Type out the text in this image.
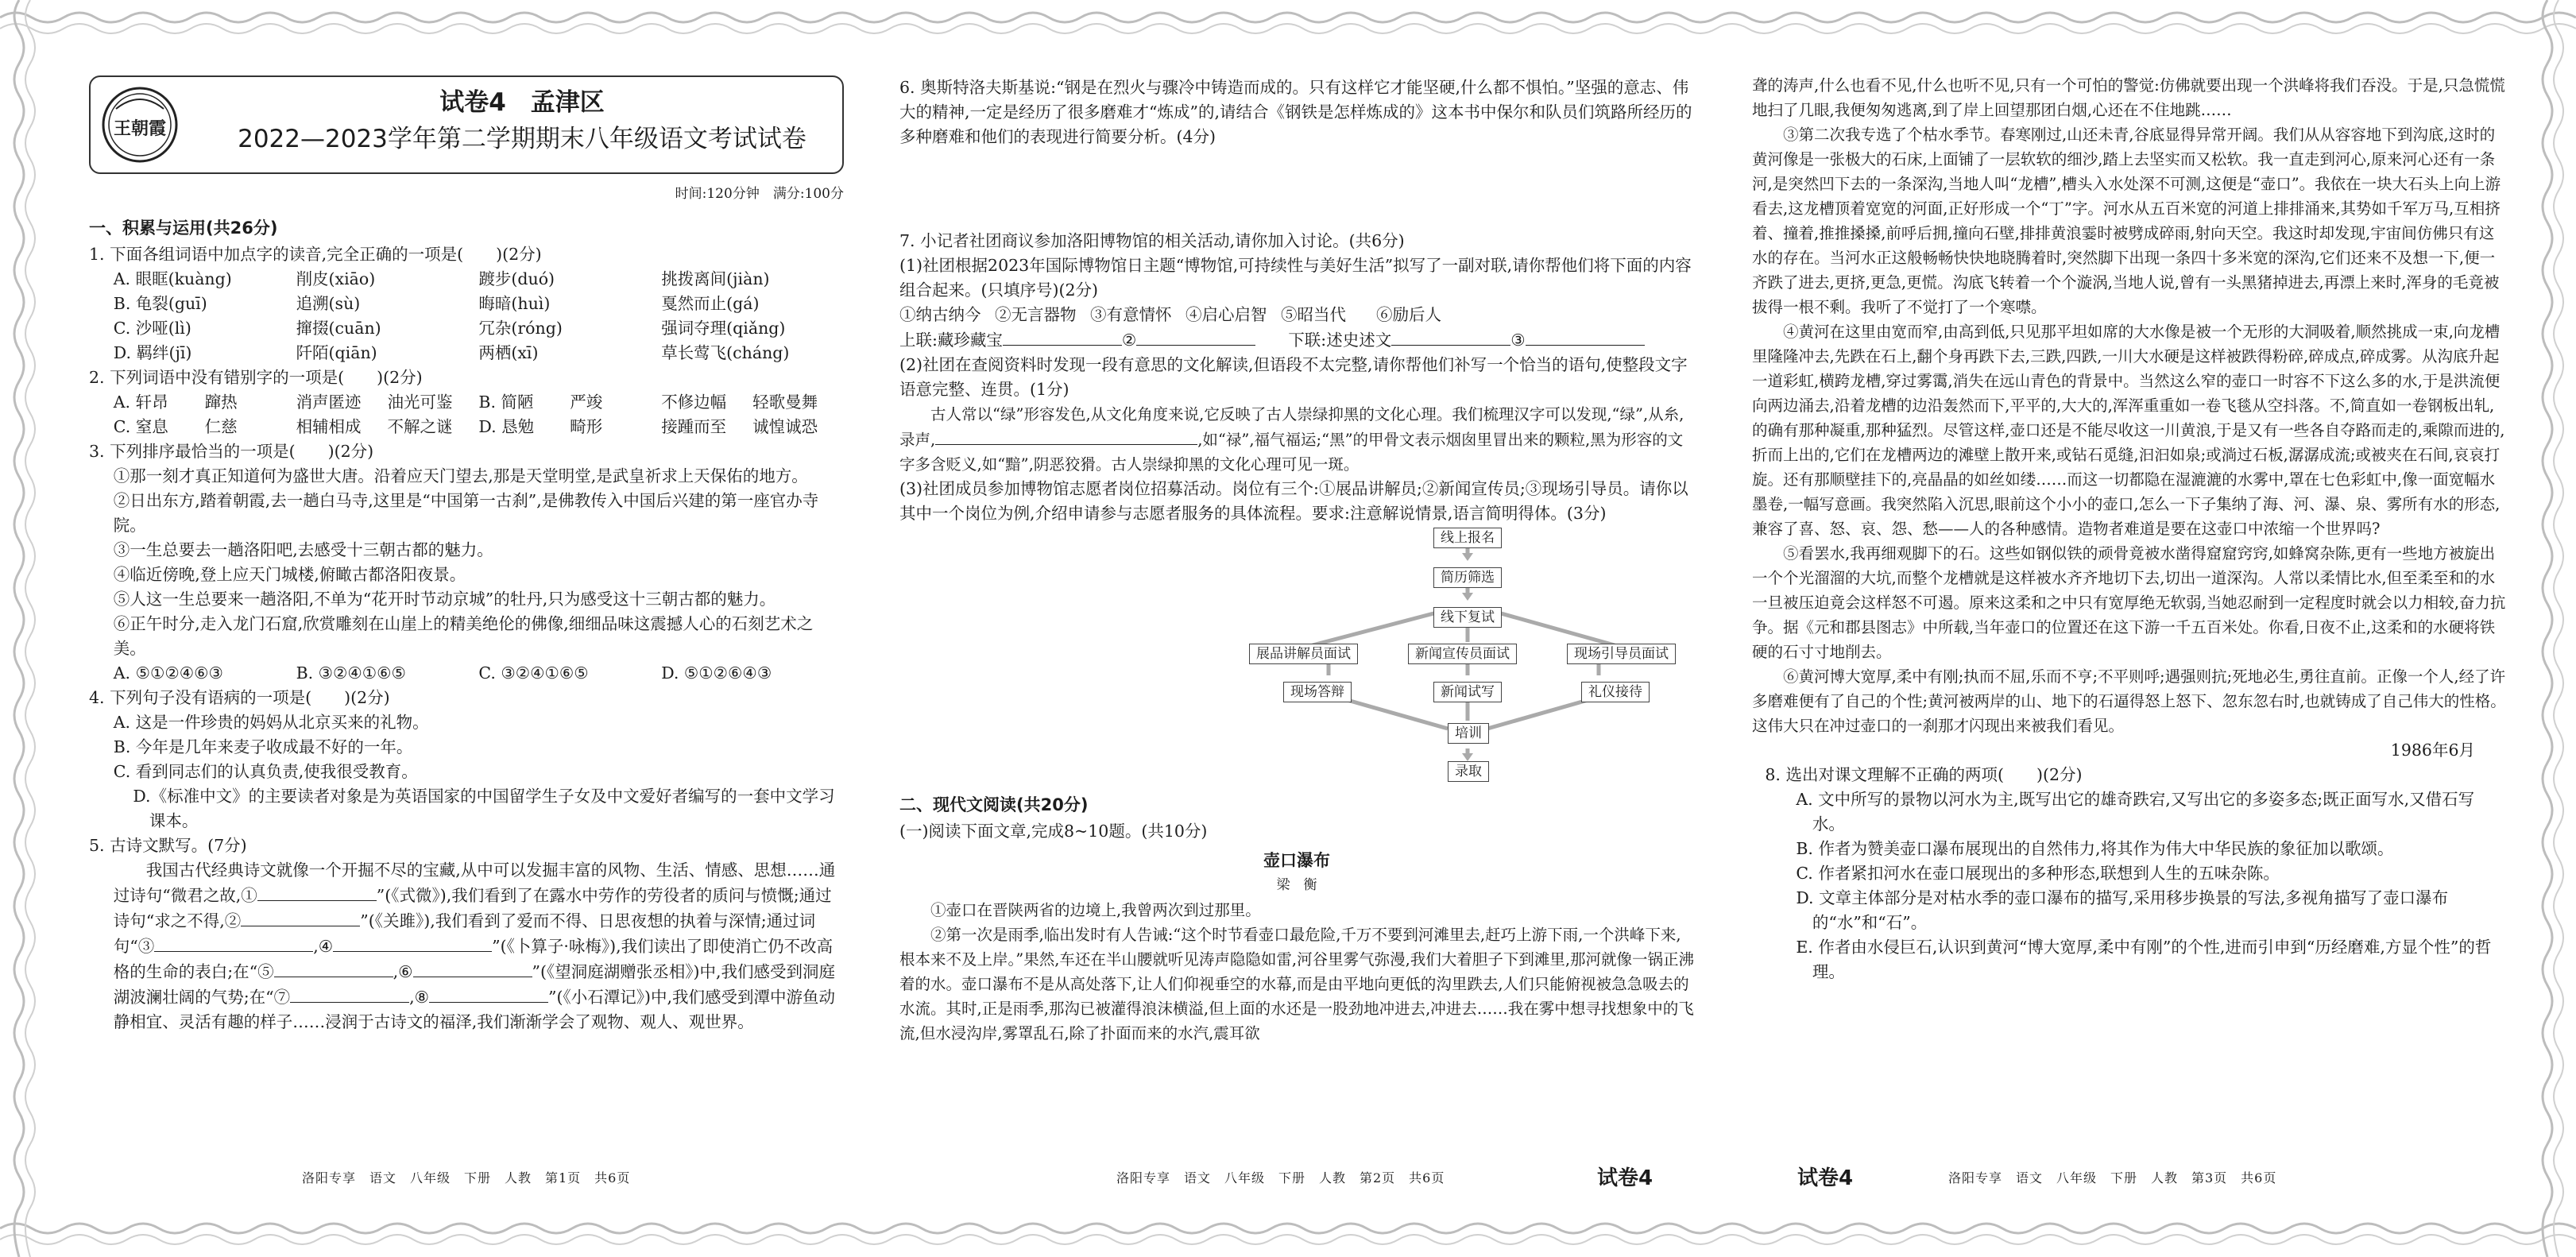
王朝霞
试卷4　 孟津区
2022—2023学年第二学期期末八年级语文考试试卷
时间:120分钟　满分:100分
一、积累与运用(共26分)

1. 下面各组词语中加点字的读音,完全正确的一项是(　　)(2分)

A. 眼眶(kuàng)	削皮(xiāo)	踱步(duó)	挑拨离间(jiàn)
B. 龟裂(guī)	追溯(sù)	晦暗(huì)	戛然而止(gá)
C. 沙哑(lì)	撺掇(cuān)	冗杂(róng)	强词夺理(qiǎng)
D. 羁绊(jī)	阡陌(qiān)	两栖(xī)	草长莺飞(cháng)

2. 下列词语中没有错别字的一项是(　　)(2分)

A. 轩昂	蹿热	消声匿迹	油光可鉴	B. 简陋	严竣	不修边幅	轻歌曼舞
C. 窒息	仁慈	相辅相成	不解之谜	D. 恳勉	畸形	接踵而至	诚惶诚恐

3. 下列排序最恰当的一项是(　　)(2分)

①那一刻才真正知道何为盛世大唐。沿着应天门望去,那是天堂明堂,是武皇祈求上天保佑的地方。

②日出东方,踏着朝霞,去一趟白马寺,这里是“中国第一古刹”,是佛教传入中国后兴建的第一座官办寺院。

③一生总要去一趟洛阳吧,去感受十三朝古都的魅力。

④临近傍晚,登上应天门城楼,俯瞰古都洛阳夜景。

⑤人这一生总要来一趟洛阳,不单为“花开时节动京城”的牡丹,只为感受这十三朝古都的魅力。

⑥正午时分,走入龙门石窟,欣赏雕刻在山崖上的精美绝伦的佛像,细细品味这震撼人心的石刻艺术之美。

A. ⑤①②④⑥③	B. ③②④①⑥⑤	C. ③②④①⑥⑤	D. ⑤①②⑥④③

4. 下列句子没有语病的一项是(　　)(2分)

A. 这是一件珍贵的妈妈从北京买来的礼物。

B. 今年是几年来麦子收成最不好的一年。

C. 看到同志们的认真负责,使我很受教育。

D.《标准中文》的主要读者对象是为英语国家的中国留学生子女及中文爱好者编写的一套中文学习课本。

5. 古诗文默写。(7分)

我国古代经典诗文就像一个开掘不尽的宝藏,从中可以发掘丰富的风物、生活、情感、思想……通过诗句“微君之故,①	”(《式微》),我们看到了在露水中劳作的劳役者的质问与愤慨;通过诗句“求之不得,②	”(《关雎》),我们看到了爱而不得、日思夜想的执着与深情;通过词句“③	,④	”(《卜算子·咏梅》),我们读出了即使消亡仍不改高格的生命的表白;在“⑤	,⑥	”(《望洞庭湖赠张丞相》)中,我们感受到洞庭湖波澜壮阔的气势;在“⑦	,⑧	”(《小石潭记》)中,我们感受到潭中游鱼动静相宜、灵活有趣的样子……浸润于古诗文的福泽,我们渐渐学会了观物、观人、观世界。

洛阳专享　语文　八年级　下册　人教　第1页　共6页

6. 奥斯特洛夫斯基说:“钢是在烈火与骤冷中铸造而成的。只有这样它才能坚硬,什么都不惧怕。”坚强的意志、伟大的精神,一定是经历了很多磨难才“炼成”的,请结合《钢铁是怎样炼成的》这本书中保尔和队员们筑路所经历的多种磨难和他们的表现进行简要分析。(4分)

7. 小记者社团商议参加洛阳博物馆的相关活动,请你加入讨论。(共6分)

(1)社团根据2023年国际博物馆日主题“博物馆,可持续性与美好生活”拟写了一副对联,请你帮他们将下面的内容组合起来。(只填序号)(2分)

①纳古纳今 ②无言器物 ③有意情怀 ④启心启智 ⑤昭当代	⑥励后人

上联:藏珍藏宝	②　　	下联:述史述文	③

(2)社团在查阅资料时发现一段有意思的文化解读,但语段不太完整,请你帮他们补写一个恰当的语句,使整段文字语意完整、连贯。(1分)

古人常以“绿”形容发色,从文化角度来说,它反映了古人崇绿抑黑的文化心理。我们梳理汉字可以发现,“绿”,从糸,录声,	,如“禄”,福气福运;“黑”的甲骨文表示烟囱里冒出来的颗粒,黑为形容的文字多含贬义,如“黯”,阴恶狡猾。古人崇绿抑黑的文化心理可见一斑。

(3)社团成员参加博物馆志愿者岗位招募活动。岗位有三个:①展品讲解员;②新闻宣传员;③现场引导员。请你以其中一个岗位为例,介绍申请参与志愿者服务的具体流程。要求:注意解说情景,语言简明得体。(3分)

线上报名
简历筛选
线下复试
展品讲解员面试	新闻宣传员面试	现场引导员面试
现场答辩	新闻试写	礼仪接待
培训
录取
二、现代文阅读(共20分)

(一)阅读下面文章,完成8~10题。(共10分)

壶口瀑布
梁　衡

①壶口在晋陕两省的边境上,我曾两次到过那里。

②第一次是雨季,临出发时有人告诫:“这个时节看壶口最危险,千万不要到河滩里去,赶巧上游下雨,一个洪峰下来,根本来不及上岸。”果然,车还在半山腰就听见涛声隐隐如雷,河谷里雾气弥漫,我们大着胆子下到滩里,那河就像一锅正沸着的水。壶口瀑布不是从高处落下,让人们仰视垂空的水幕,而是由平地向更低的沟里跌去,人们只能俯视被急急吸去的水流。其时,正是雨季,那沟已被灌得浪沫横溢,但上面的水还是一股劲地冲进去,冲进去……我在雾中想寻找想象中的飞流,但水浸沟岸,雾罩乱石,除了扑面而来的水汽,震耳欲

洛阳专享　语文　八年级　下册　人教　第2页　共6页	试卷4

聋的涛声,什么也看不见,什么也听不见,只有一个可怕的警觉:仿佛就要出现一个洪峰将我们吞没。于是,只急慌慌地扫了几眼,我便匆匆逃离,到了岸上回望那团白烟,心还在不住地跳……

③第二次我专选了个枯水季节。春寒刚过,山还未青,谷底显得异常开阔。我们从从容容地下到沟底,这时的黄河像是一张极大的石床,上面铺了一层软软的细沙,踏上去坚实而又松软。我一直走到河心,原来河心还有一条河,是突然凹下去的一条深沟,当地人叫“龙槽”,槽头入水处深不可测,这便是“壶口”。我依在一块大石头上向上游看去,这龙槽顶着宽宽的河面,正好形成一个“丁”字。河水从五百米宽的河道上排排涌来,其势如千军万马,互相挤着、撞着,推推搡搡,前呼后拥,撞向石壁,排排黄浪霎时被劈成碎雨,射向天空。我这时却发现,宇宙间仿佛只有这水的存在。当河水正这般畅畅快快地晓腾着时,突然脚下出现一条四十多米宽的深沟,它们还来不及想一下,便一齐跌了进去,更挤,更急,更慌。沟底飞转着一个个漩涡,当地人说,曾有一头黑猪掉进去,再漂上来时,浑身的毛竟被拔得一根不剩。我听了不觉打了一个寒噤。

④黄河在这里由宽而窄,由高到低,只见那平坦如席的大水像是被一个无形的大洞吸着,顺然挑成一束,向龙槽里隆隆冲去,先跌在石上,翻个身再跌下去,三跌,四跌,一川大水硬是这样被跌得粉碎,碎成点,碎成雾。从沟底升起一道彩虹,横跨龙槽,穿过雾霭,消失在远山青色的背景中。当然这么窄的壶口一时容不下这么多的水,于是洪流便向两边涌去,沿着龙槽的边沿轰然而下,平平的,大大的,浑浑重重如一卷飞毯从空抖落。不,简直如一卷钢板出轧,的确有那种凝重,那种猛烈。尽管这样,壶口还是不能尽收这一川黄浪,于是又有一些各自夺路而走的,乘隙而进的,折而上出的,它们在龙槽两边的滩壁上散开来,或钻石觅缝,汩汩如泉;或淌过石板,潺潺成流;或被夹在石间,哀哀打旋。还有那顺壁挂下的,亮晶晶的如丝如缕……而这一切都隐在湿漉漉的水雾中,罩在七色彩虹中,像一面宽幅水墨卷,一幅写意画。我突然陷入沉思,眼前这个小小的壶口,怎么一下子集纳了海、河、瀑、泉、雾所有水的形态,兼容了喜、怒、哀、怨、愁——人的各种感情。造物者难道是要在这壶口中浓缩一个世界吗?

⑤看罢水,我再细观脚下的石。这些如钢似铁的顽骨竟被水凿得窟窟窍窍,如蜂窝杂陈,更有一些地方被旋出一个个光溜溜的大坑,而整个龙槽就是这样被水齐齐地切下去,切出一道深沟。人常以柔情比水,但至柔至和的水一旦被压迫竟会这样怒不可遏。原来这柔和之中只有宽厚绝无软弱,当她忍耐到一定程度时就会以力相较,奋力抗争。据《元和郡县图志》中所载,当年壶口的位置还在这下游一千五百米处。你看,日夜不止,这柔和的水硬将铁硬的石寸寸地削去。

⑥黄河博大宽厚,柔中有刚;执而不屈,乐而不亨;不平则呼;遇强则抗;死地必生,勇往直前。正像一个人,经了许多磨难便有了自己的个性;黄河被两岸的山、地下的石逼得怒上怒下、忽东忽右时,也就铸成了自己伟大的性格。这伟大只在冲过壶口的一刹那才闪现出来被我们看见。

1986年6月

8. 选出对课文理解不正确的两项(　　)(2分)

A. 文中所写的景物以河水为主,既写出它的雄奇跌宕,又写出它的多姿多态;既正面写水,又借石写水。

B. 作者为赞美壶口瀑布展现出的自然伟力,将其作为伟大中华民族的象征加以歌颂。

C. 作者紧扣河水在壶口展现出的多种形态,联想到人生的五味杂陈。

D. 文章主体部分是对枯水季的壶口瀑布的描写,采用移步换景的写法,多视角描写了壶口瀑布的“水”和“石”。

E. 作者由水侵巨石,认识到黄河“博大宽厚,柔中有刚”的个性,进而引申到“历经磨难,方显个性”的哲理。

试卷4	洛阳专享　语文　八年级　下册　人教　第3页　共6页
